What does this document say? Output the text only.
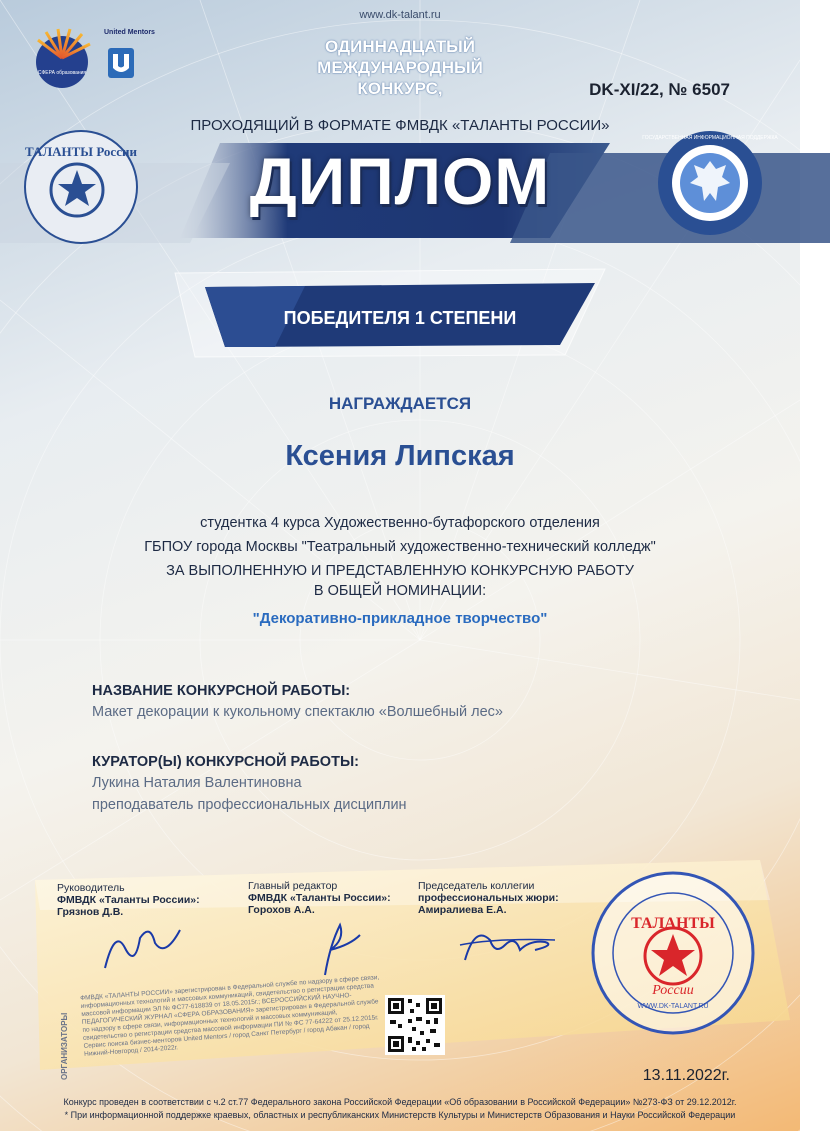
СФЕРА образования
United Mentors
www.dk-talant.ru
ОДИННАДЦАТЫЙ
МЕЖДУНАРОДНЫЙ
КОНКУРС,	DK-XI/22, № 6507
ПРОХОДЯЩИЙ В ФОРМАТЕ ФМВДК «ТАЛАНТЫ РОССИИ»
ДИПЛОМ
ТАЛАНТЫ России
ГОСУДАРСТВЕННАЯ ИНФОРМАЦИОННАЯ ПОДДЕРЖКА
ПОБЕДИТЕЛЯ 1 СТЕПЕНИ
НАГРАЖДАЕТСЯ
Ксения Липская
студентка 4 курса Художественно-бутафорского отделения
ГБПОУ города Москвы "Театральный художественно-технический колледж"
ЗА ВЫПОЛНЕННУЮ И ПРЕДСТАВЛЕННУЮ КОНКУРСНУЮ РАБОТУ
В ОБЩЕЙ НОМИНАЦИИ:
"Декоративно-прикладное творчество"
НАЗВАНИЕ КОНКУРСНОЙ РАБОТЫ:
Макет декорации к кукольному спектаклю «Волшебный лес»
КУРАТОР(Ы) КОНКУРСНОЙ РАБОТЫ:
Лукина Наталия Валентиновна
преподаватель профессиональных дисциплин
Руководитель
ФМВДК «Таланты России»:
Грязнов Д.В.
Главный редактор
ФМВДК «Таланты России»:
Горохов А.А.
Председатель коллегии
профессиональных жюри:
Амиралиева Е.А.
ТАЛАНТЫ
России
WWW.DK-TALANT.RU
ОРГАНИЗАТОРЫ
ФМВДК «ТАЛАНТЫ РОССИИ» зарегистрирован в Федеральной службе по надзору в сфере связи, информационных технологий и массовых коммуникаций, свидетельство о регистрации средства массовой информации ЭЛ № ФС77-618839 от 18.05.2015г.; ВСЕРОССИЙСКИЙ НАУЧНО-ПЕДАГОГИЧЕСКИЙ ЖУРНАЛ «СФЕРА ОБРАЗОВАНИЯ» зарегистрирован в Федеральной службе по надзору в сфере связи, информационных технологий и массовых коммуникаций, свидетельство о регистрации средства массовой информации ПИ № ФС 77-64222 от 25.12.2015г. Сервис поиска бизнес-менторов United Mentors / город Санкт Петербург / город Абакан / город Нижний-Новгород / 2014-2022г.
13.11.2022г.
Конкурс проведен в соответствии с ч.2 ст.77 Федерального закона Российской Федерации «Об образовании в Российской Федерации» №273-ФЗ от 29.12.2012г.
* При информационной поддержке краевых, областных и республиканских Министерств Культуры и Министерств Образования и Науки Российской Федерации
